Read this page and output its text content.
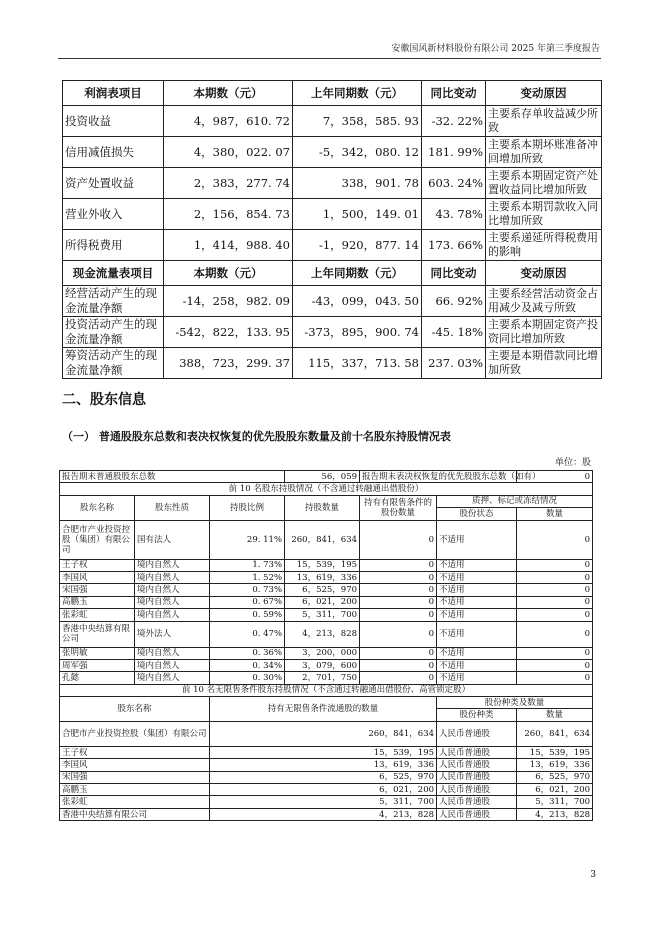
安徽国风新材料股份有限公司 2025 年第三季度报告
利润表项目	本期数（元）	上年同期数（元）	同比变动	变动原因
投资收益	4，987，610. 72	7，358，585. 93	-32. 22%	主要系存单收益减少所致
信用减值损失	4，380，022. 07	-5，342，080. 12	181. 99%	主要系本期坏账准备冲回增加所致
资产处置收益	2，383，277. 74	338，901. 78	603. 24%	主要系本期固定资产处置收益同比增加所致
营业外收入	2，156，854. 73	1，500，149. 01	43. 78%	主要系本期罚款收入同比增加所致
所得税费用	1，414，988. 40	-1，920，877. 14	173. 66%	主要系递延所得税费用的影响
现金流量表项目	本期数（元）	上年同期数（元）	同比变动	变动原因
经营活动产生的现金流量净额	-14，258，982. 09	-43，099，043. 50	66. 92%	主要系经营活动资金占用减少及减亏所致
投资活动产生的现金流量净额	-542，822，133. 95	-373，895，900. 74	-45. 18%	主要系本期固定资产投资同比增加所致
筹资活动产生的现金流量净额	388，723，299. 37	115，337，713. 58	237. 03%	主要是本期借款同比增加所致
二、股东信息
（一） 普通股股东总数和表决权恢复的优先股股东数量及前十名股东持股情况表
单位：股
报告期末普通股股东总数			56，059	报告期末表决权恢复的优先股股东总数（如有）		0
前 10 名股东持股情况（不含通过转融通出借股份）						
股东名称	股东性质	持股比例	持股数量	持有有限售条件的股份数量	质押、标记或冻结情况	
					股份状态	数量
合肥市产业投资控股（集团）有限公司	国有法人	29. 11%	260，841，634	0	不适用	0
王子权	境内自然人	1. 73%	15，539，195	0	不适用	0
李国风	境内自然人	1. 52%	13，619，336	0	不适用	0
宋国强	境内自然人	0. 73%	6，525，970	0	不适用	0
高鹏玉	境内自然人	0. 67%	6，021，200	0	不适用	0
张彩虹	境内自然人	0. 59%	5，311，700	0	不适用	0
香港中央结算有限公司	境外法人	0. 47%	4，213，828	0	不适用	0
张明敏	境内自然人	0. 36%	3，200，000	0	不适用	0
周军强	境内自然人	0. 34%	3，079，600	0	不适用	0
孔懿	境内自然人	0. 30%	2，701，750	0	不适用	0
前 10 名无限售条件股东持股情况（不含通过转融通出借股份、高管锁定股）						
股东名称		持有无限售条件流通股的数量			股份种类及数量	
					股份种类	数量
合肥市产业投资控股（集团）有限公司		260，841，634			人民币普通股	260，841，634
王子权		15，539，195			人民币普通股	15，539，195
李国风		13，619，336			人民币普通股	13，619，336
宋国强		6，525，970			人民币普通股	6，525，970
高鹏玉		6，021，200			人民币普通股	6，021，200
张彩虹		5，311，700			人民币普通股	5，311，700
香港中央结算有限公司		4，213，828			人民币普通股	4，213，828
3
